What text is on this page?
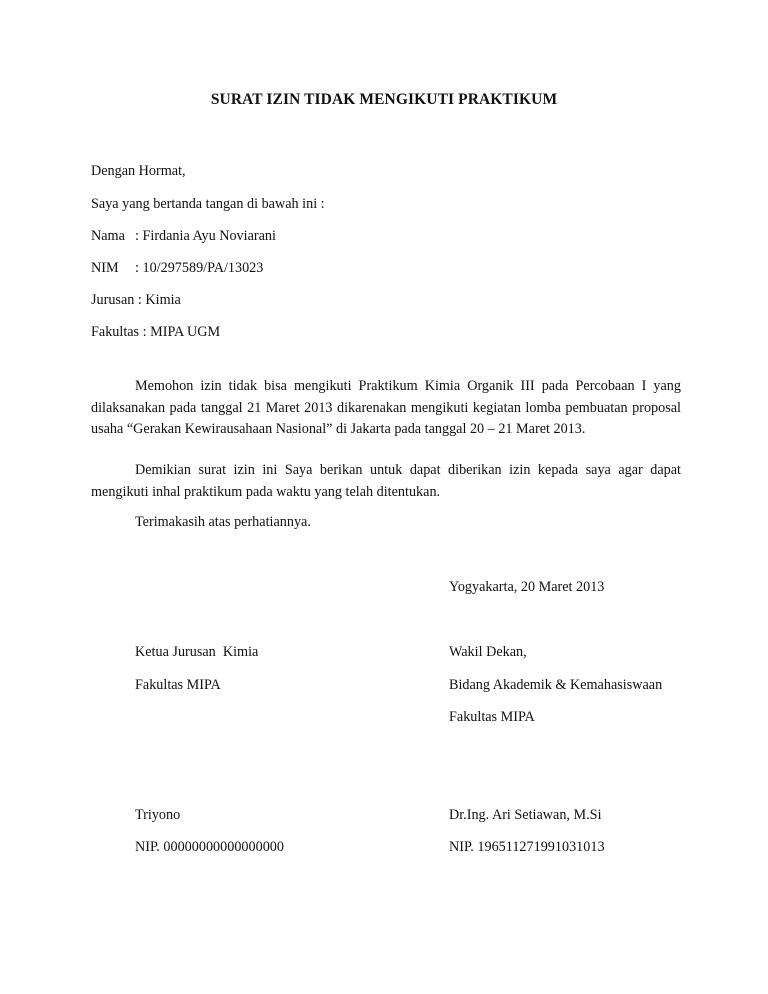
SURAT IZIN TIDAK MENGIKUTI PRAKTIKUM
Dengan Hormat,
Saya yang bertanda tangan di bawah ini :
Nama : Firdania Ayu Noviarani
NIM : 10/297589/PA/13023
Jurusan : Kimia
Fakultas : MIPA UGM
Memohon izin tidak bisa mengikuti Praktikum Kimia Organik III pada Percobaan I yang dilaksanakan pada tanggal 21 Maret 2013 dikarenakan mengikuti kegiatan lomba pembuatan proposal usaha “Gerakan Kewirausahaan Nasional” di Jakarta pada tanggal 20 – 21 Maret 2013.
Demikian surat izin ini Saya berikan untuk dapat diberikan izin kepada saya agar dapat mengikuti inhal praktikum pada waktu yang telah ditentukan.
Terimakasih atas perhatiannya.
Yogyakarta, 20 Maret 2013
Ketua Jurusan  Kimia
Fakultas MIPA
Triyono
NIP. 00000000000000000
Wakil Dekan,
Bidang Akademik & Kemahasiswaan
Fakultas MIPA
Dr.Ing. Ari Setiawan, M.Si
NIP. 196511271991031013
